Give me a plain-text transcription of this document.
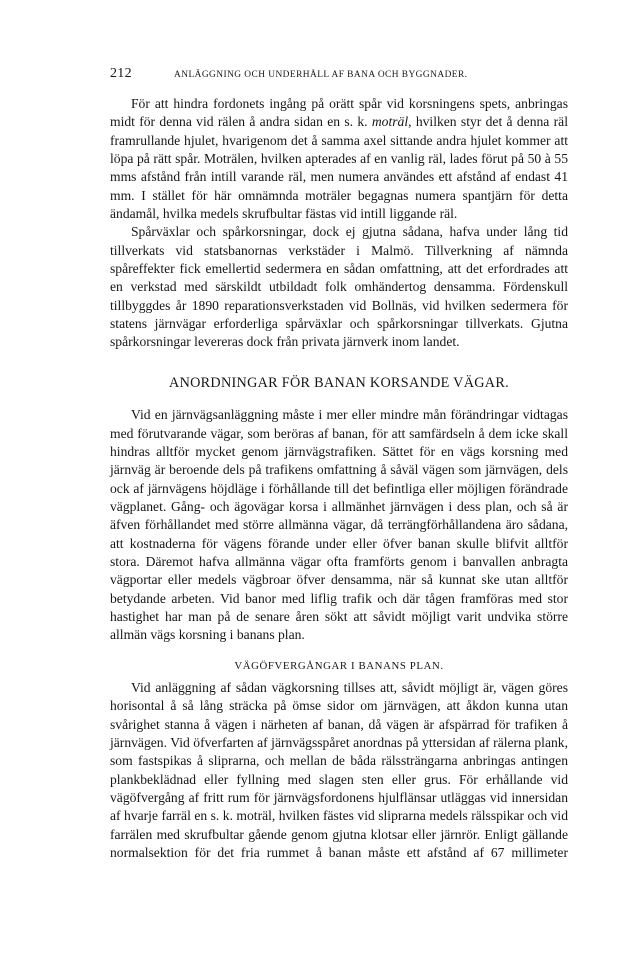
212	ANLÄGGNING OCH UNDERHÅLL AF BANA OCH BYGGNADER.

För att hindra fordonets ingång på orätt spår vid korsningens spets, anbringas midt för denna vid rälen å andra sidan en s. k. moträl, hvilken styr det å denna räl framrullande hjulet, hvarigenom det å samma axel sittande andra hjulet kommer att löpa på rätt spår. Moträlen, hvilken apterades af en vanlig räl, lades förut på 50 à 55 mms afstånd från intill varande räl, men numera användes ett afstånd af endast 41 mm. I stället för här omnämnda moträler begagnas numera spantjärn för detta ändamål, hvilka medels skrufbultar fästas vid intill liggande räl.

Spårväxlar och spårkorsningar, dock ej gjutna sådana, hafva under lång tid tillverkats vid statsbanornas verkstäder i Malmö. Tillverkning af nämnda spåreffekter fick emellertid sedermera en sådan omfattning, att det erfordrades att en verkstad med särskildt utbildadt folk omhändertog densamma. Fördenskull tillbyggdes år 1890 reparationsverkstaden vid Bollnäs, vid hvilken sedermera för statens järnvägar erforderliga spårväxlar och spårkorsningar tillverkats. Gjutna spårkorsningar levereras dock från privata järnverk inom landet.

ANORDNINGAR FÖR BANAN KORSANDE VÄGAR.

Vid en järnvägsanläggning måste i mer eller mindre mån förändringar vidtagas med förutvarande vägar, som beröras af banan, för att samfärdseln å dem icke skall hindras alltför mycket genom järnvägstrafiken. Sättet för en vägs korsning med järnväg är beroende dels på trafikens omfattning å såväl vägen som järnvägen, dels ock af järnvägens höjdläge i förhållande till det befintliga eller möjligen förändrade vägplanet. Gång- och ägovägar korsa i allmänhet järnvägen i dess plan, och så är äfven förhållandet med större allmänna vägar, då terrängförhållandena äro sådana, att kostnaderna för vägens förande under eller öfver banan skulle blifvit alltför stora. Däremot hafva allmänna vägar ofta framförts genom i banvallen anbragta vägportar eller medels vägbroar öfver densamma, när så kunnat ske utan alltför betydande arbeten. Vid banor med liflig trafik och där tågen framföras med stor hastighet har man på de senare åren sökt att såvidt möjligt varit undvika större allmän vägs korsning i banans plan.

VÄGÖFVERGÅNGAR I BANANS PLAN.

Vid anläggning af sådan vägkorsning tillses att, såvidt möjligt är, vägen göres horisontal å så lång sträcka på ömse sidor om järnvägen, att åkdon kunna utan svårighet stanna å vägen i närheten af banan, då vägen är afspärrad för trafiken å järnvägen. Vid öfverfarten af järnvägsspåret anordnas på yttersidan af rälerna plank, som fastspikas å sliprarna, och mellan de båda rälssträngarna anbringas antingen plankbeklädnad eller fyllning med slagen sten eller grus. För erhållande vid vägöfvergång af fritt rum för järnvägsfordonens hjulflänsar utläggas vid innersidan af hvarje farräl en s. k. moträl, hvilken fästes vid sliprarna medels rälsspikar och vid farrälen med skrufbultar gående genom gjutna klotsar eller järnrör. Enligt gällande normalsektion för det fria rummet å banan måste ett afstånd af 67 millimeter
